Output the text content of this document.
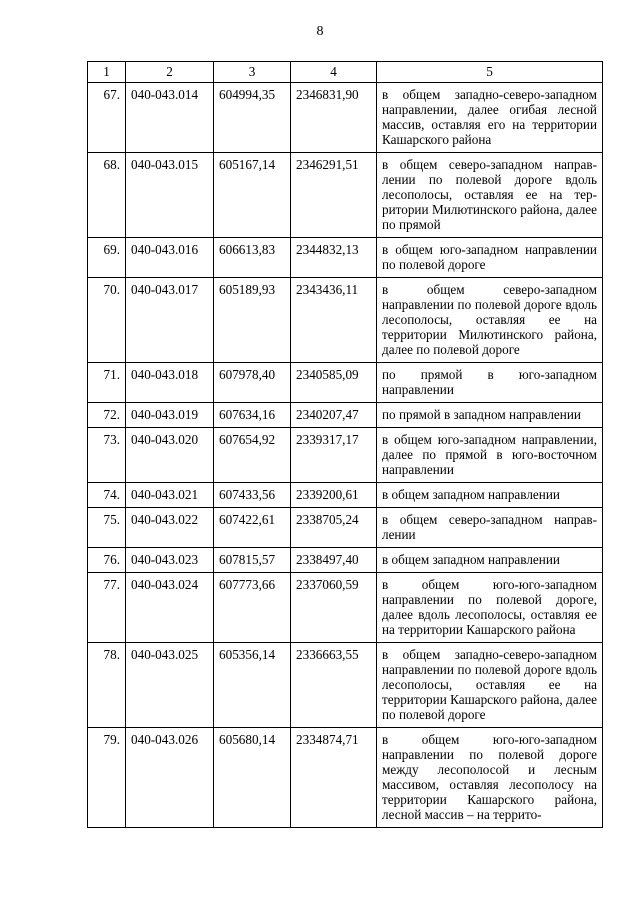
8
1	2	3	4	5
67.	040-043.014	604994,35	2346831,90	в общем западно-северо-западном направлении, далее огибая лесной массив, оставляя его на территории Кашарского района
68.	040-043.015	605167,14	2346291,51	в общем северо-западном направлении по полевой дороге вдоль лесополосы, оставляя ее на территории Милютинского района, далее по прямой
69.	040-043.016	606613,83	2344832,13	в общем юго-западном направлении по полевой дороге
70.	040-043.017	605189,93	2343436,11	в общем северо-западном направлении по полевой дороге вдоль лесополосы, оставляя ее на территории Милютинского района, далее по полевой дороге
71.	040-043.018	607978,40	2340585,09	по прямой в юго-западном направлении
72.	040-043.019	607634,16	2340207,47	по прямой в западном направлении
73.	040-043.020	607654,92	2339317,17	в общем юго-западном направлении, далее по прямой в юго-восточном направлении
74.	040-043.021	607433,56	2339200,61	в общем западном направлении
75.	040-043.022	607422,61	2338705,24	в общем северо-западном направлении
76.	040-043.023	607815,57	2338497,40	в общем западном направлении
77.	040-043.024	607773,66	2337060,59	в общем юго-юго-западном направлении по полевой дороге, далее вдоль лесополосы, оставляя ее на территории Кашарского района
78.	040-043.025	605356,14	2336663,55	в общем западно-северо-западном направлении по полевой дороге вдоль лесополосы, оставляя ее на территории Кашарского района, далее по полевой дороге
79.	040-043.026	605680,14	2334874,71	в общем юго-юго-западном направлении по полевой дороге между лесополосой и лесным массивом, оставляя лесополосу на территории Кашарского района, лесной массив – на террито-
